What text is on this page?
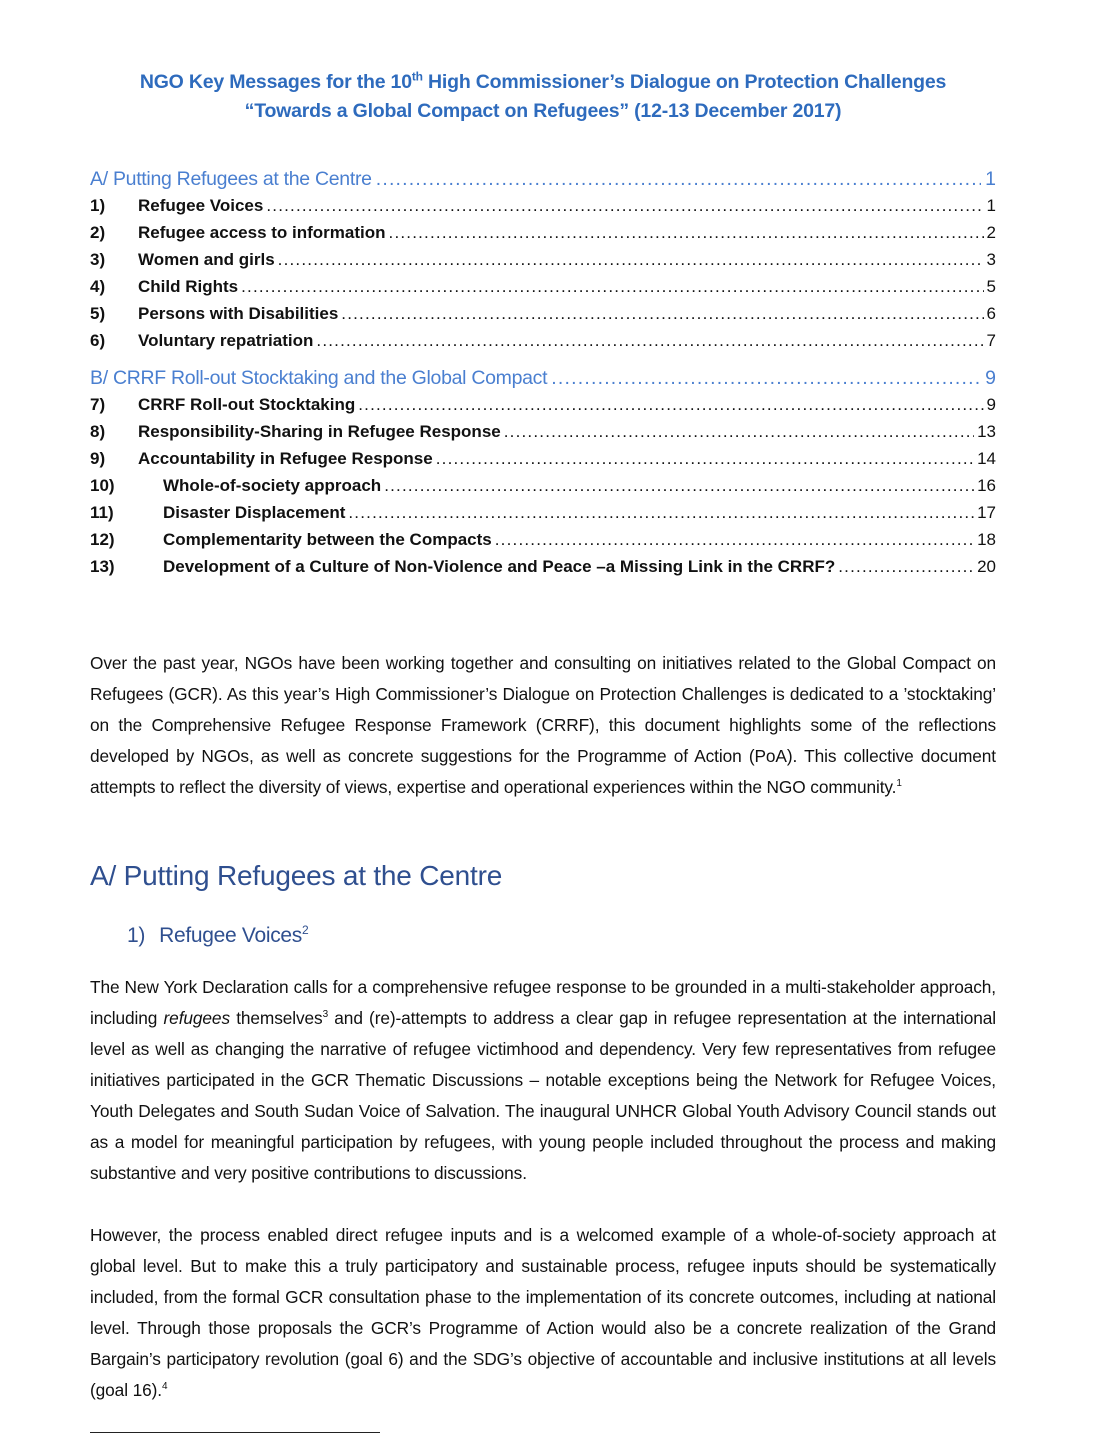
NGO Key Messages for the 10th High Commissioner’s Dialogue on Protection Challenges
“Towards a Global Compact on Refugees” (12-13 December 2017)
A/ Putting Refugees at the Centre .....	1
1)	Refugee Voices .....	1
2)	Refugee access to information .....	2
3)	Women and girls .....	3
4)	Child Rights .....	5
5)	Persons with Disabilities .....	6
6)	Voluntary repatriation .....	7
B/ CRRF Roll-out Stocktaking and the Global Compact .....	9
7)	CRRF Roll-out Stocktaking .....	9
8)	Responsibility-Sharing in Refugee Response .....	13
9)	Accountability in Refugee Response .....	14
10)	Whole-of-society approach .....	16
11)	Disaster Displacement .....	17
12)	Complementarity between the Compacts .....	18
13)	Development of a Culture of Non-Violence and Peace –a Missing Link in the CRRF? .....	20
Over the past year, NGOs have been working together and consulting on initiatives related to the Global Compact on Refugees (GCR). As this year’s High Commissioner’s Dialogue on Protection Challenges is dedicated to a ’stocktaking’ on the Comprehensive Refugee Response Framework (CRRF), this document highlights some of the reflections developed by NGOs, as well as concrete suggestions for the Programme of Action (PoA). This collective document attempts to reflect the diversity of views, expertise and operational experiences within the NGO community.$^1$
A/ Putting Refugees at the Centre
1) Refugee Voices$^2$
The New York Declaration calls for a comprehensive refugee response to be grounded in a multi-stakeholder approach, including refugees themselves$^3$ and (re)-attempts to address a clear gap in refugee representation at the international level as well as changing the narrative of refugee victimhood and dependency. Very few representatives from refugee initiatives participated in the GCR Thematic Discussions – notable exceptions being the Network for Refugee Voices, Youth Delegates and South Sudan Voice of Salvation. The inaugural UNHCR Global Youth Advisory Council stands out as a model for meaningful participation by refugees, with young people included throughout the process and making substantive and very positive contributions to discussions.
However, the process enabled direct refugee inputs and is a welcomed example of a whole-of-society approach at global level. But to make this a truly participatory and sustainable process, refugee inputs should be systematically included, from the formal GCR consultation phase to the implementation of its concrete outcomes, including at national level. Through those proposals the GCR’s Programme of Action would also be a concrete realization of the Grand Bargain’s participatory revolution (goal 6) and the SDG’s objective of accountable and inclusive institutions at all levels (goal 16).$^4$
